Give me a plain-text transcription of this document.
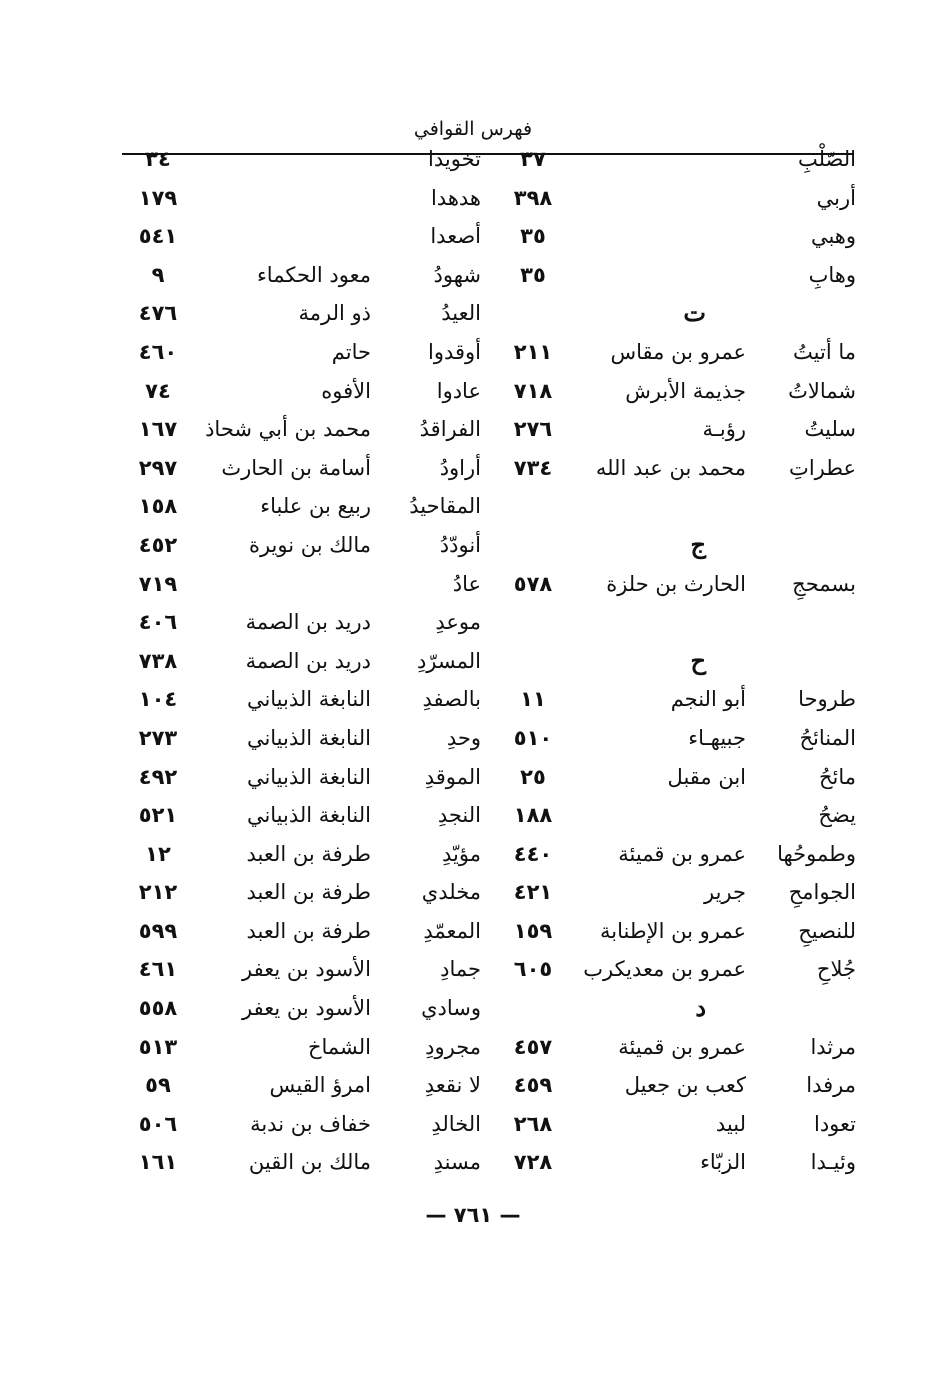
فهرس القوافي
الصّلْبِ
٣٧
أربي
٣٩٨
وهبي
٣٥
وهابِ
٣٥
ت
ما أتيتُ
عمرو بن مقاس
٢١١
شمالاتُ
جذيمة الأبرش
٧١٨
سليتُ
رؤبـة
٢٧٦
عطراتِ
محمد بن عبد الله
٧٣٤
ج
بسمحجِ
الحارث بن حلزة
٥٧٨
ح
طروحا
أبو النجم
١١
المنائحُ
جبيهـاء
٥١٠
مائحُ
ابن مقبل
٢٥
يضحُ
١٨٨
وطموحُها
عمرو بن قميئة
٤٤٠
الجوامحِ
جرير
٤٢١
للنصيحِ
عمرو بن الإطنابة
١٥٩
جُلاحِ
عمرو بن معديكرب
٦٠٥
د
مرثدا
عمرو بن قميئة
٤٥٧
مرفدا
كعب بن جعيل
٤٥٩
تعودا
لبيد
٢٦٨
وئيـدا
الزبّاء
٧٢٨
تخويدا
٣٤
هدهدا
١٧٩
أصعدا
٥٤١
شهودُ
معود الحكماء
٩
العيدُ
ذو الرمة
٤٧٦
أوقدوا
حاتم
٤٦٠
عادوا
الأفوه
٧٤
الفراقدُ
محمد بن أبي شحاذ
١٦٧
أراودُ
أسامة بن الحارث
٢٩٧
المقاحيدُ
ربيع بن علباء
١٥٨
أنودّدُ
مالك بن نويرة
٤٥٢
عادُ
٧١٩
موعدِ
دريد بن الصمة
٤٠٦
المسرّدِ
دريد بن الصمة
٧٣٨
بالصفدِ
النابغة الذبياني
١٠٤
وحدِ
النابغة الذبياني
٢٧٣
الموقدِ
النابغة الذبياني
٤٩٢
النجدِ
النابغة الذبياني
٥٢١
مؤيّدِ
طرفة بن العبد
١٢
مخلدي
طرفة بن العبد
٢١٢
المعمّدِ
طرفة بن العبد
٥٩٩
جمادِ
الأسود بن يعفر
٤٦١
وسادي
الأسود بن يعفر
٥٥٨
مجرودِ
الشماخ
٥١٣
لا نقعدِ
امرؤ القيس
٥٩
الخالدِ
خفاف بن ندبة
٥٠٦
مسندِ
مالك بن القين
١٦١
— ٧٦١ —
